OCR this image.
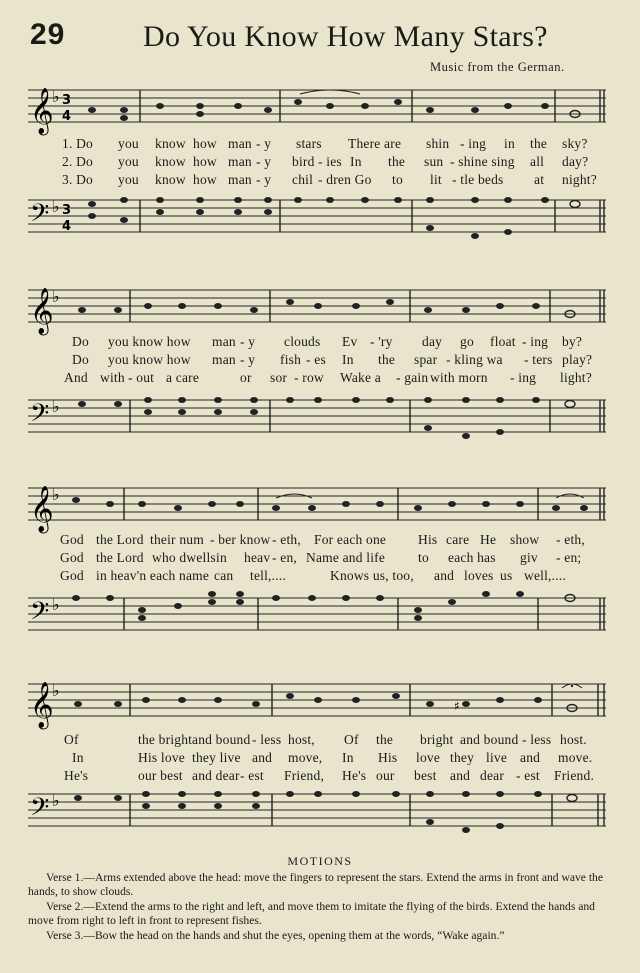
29	Do You Know How Many Stars?
Music from the German.
𝄞
♭ 3
4
𝄢 ♭ 3
4
1. Do you know how man - y stars There are shin - ing in the sky?
2. Do you know how man - y bird - ies In the sun - shine sing all day?
3. Do you know how man - y chil - dren Go to lit - tle beds at night?
𝄞
♭
𝄢 ♭
Do you know how man - y clouds Ev - 'ry day go float - ing by?
Do you know how man - y fish - es In the spar - kling wa - ters play?
And with - out a care	or sor - row Wake a - gain with morn - ing light?
𝄞
♭
𝄢 ♭
God the Lord their num - ber know - eth, For each one His care He show - eth,
God the Lord who dwells in heav - en, Name and life to each has giv - en;
God in heav'n each name can tell,....	Knows us, too, and loves us well,....
𝄞
♭
♯
𝄢 ♭
Of	the bright and bound - less host, Of the bright and bound - less host.
In	His love they live and move, In His love they live and move.
He's	our best and dear - est Friend, He's our best and dear - est Friend.
MOTIONS

Verse 1.—Arms extended above the head: move the fingers to represent the stars. Extend the arms in front and wave the hands, to show clouds.

Verse 2.—Extend the arms to the right and left, and move them to imitate the flying of the birds. Extend the hands and move from right to left in front to represent fishes.

Verse 3.—Bow the head on the hands and shut the eyes, opening them at the words, “Wake again.”
